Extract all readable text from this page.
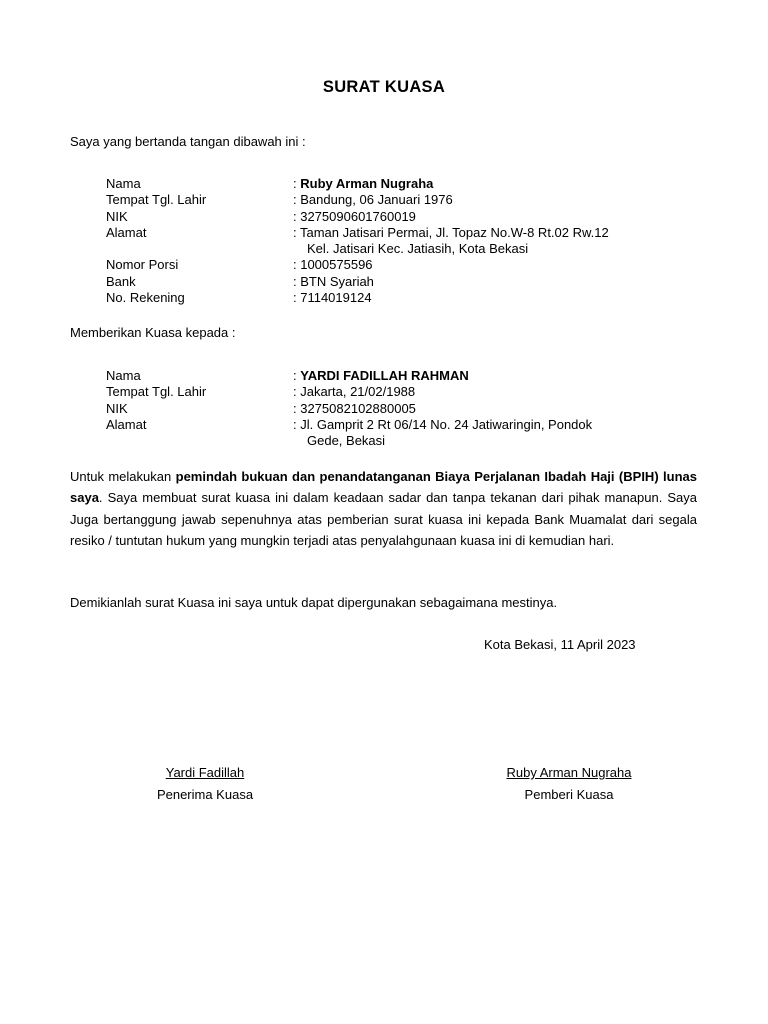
SURAT KUASA
Saya yang bertanda tangan dibawah ini :
Nama	: Ruby Arman Nugraha
Tempat Tgl. Lahir	: Bandung, 06 Januari 1976
NIK	: 3275090601760019
Alamat	: Taman Jatisari Permai, Jl. Topaz No.W-8 Rt.02 Rw.12
Kel. Jatisari Kec. Jatiasih, Kota Bekasi
Nomor Porsi	: 1000575596
Bank	: BTN Syariah
No. Rekening	: 7114019124
Memberikan Kuasa kepada :
Nama	: YARDI FADILLAH RAHMAN
Tempat Tgl. Lahir	: Jakarta, 21/02/1988
NIK	: 3275082102880005
Alamat	: Jl. Gamprit 2 Rt 06/14 No. 24 Jatiwaringin, Pondok
Gede, Bekasi
Untuk melakukan pemindah bukuan dan penandatanganan Biaya Perjalanan Ibadah Haji (BPIH) lunas saya. Saya membuat surat kuasa ini dalam keadaan sadar dan tanpa tekanan dari pihak manapun. Saya Juga bertanggung jawab sepenuhnya atas pemberian surat kuasa ini kepada Bank Muamalat dari segala resiko / tuntutan hukum yang mungkin terjadi atas penyalahgunaan kuasa ini di kemudian hari.
Demikianlah surat Kuasa ini saya untuk dapat dipergunakan sebagaimana mestinya.
Kota Bekasi, 11 April 2023
Yardi Fadillah
Penerima Kuasa
Ruby Arman Nugraha
Pemberi Kuasa
